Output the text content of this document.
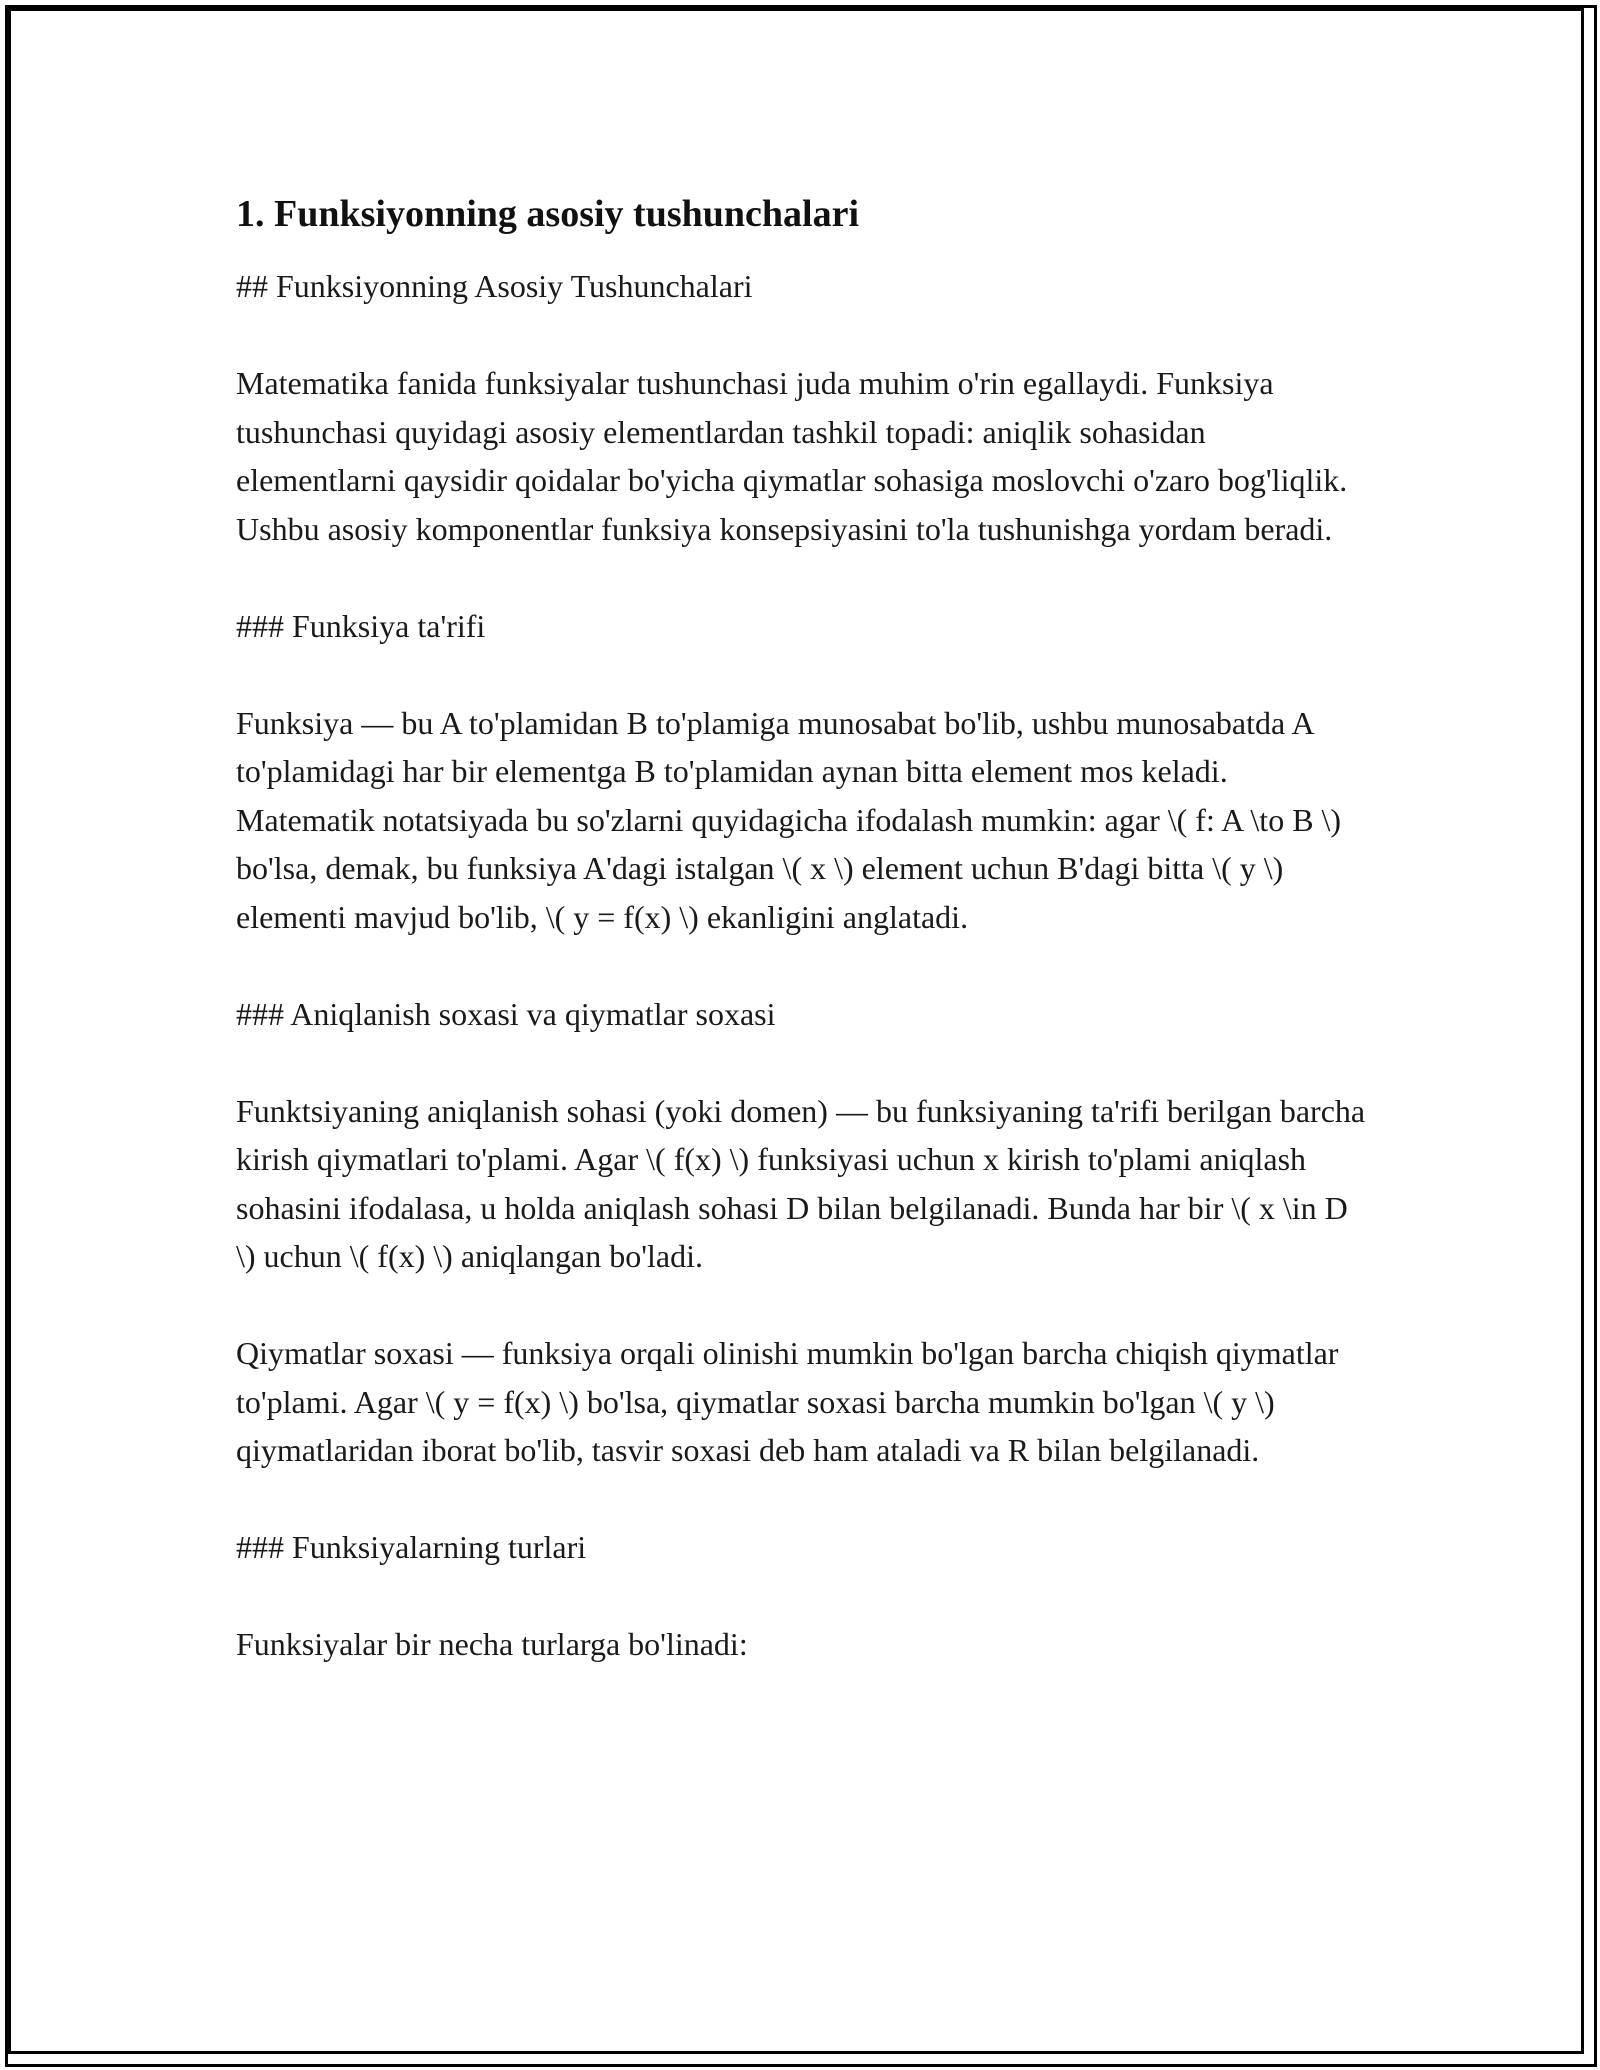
1. Funksiyonning asosiy tushunchalari

## Funksiyonning Asosiy Tushunchalari

Matematika fanida funksiyalar tushunchasi juda muhim o'rin egallaydi. Funksiya tushunchasi quyidagi asosiy elementlardan tashkil topadi: aniqlik sohasidan elementlarni qaysidir qoidalar bo'yicha qiymatlar sohasiga moslovchi o'zaro bog'liqlik. Ushbu asosiy komponentlar funksiya konsepsiyasini to'la tushunishga yordam beradi.

### Funksiya ta'rifi

Funksiya — bu A to'plamidan B to'plamiga munosabat bo'lib, ushbu munosabatda A to'plamidagi har bir elementga B to'plamidan aynan bitta element mos keladi. Matematik notatsiyada bu so'zlarni quyidagicha ifodalash mumkin: agar \( f: A \to B \) bo'lsa, demak, bu funksiya A'dagi istalgan \( x \) element uchun B'dagi bitta \( y \) elementi mavjud bo'lib, \( y = f(x) \) ekanligini anglatadi.

### Aniqlanish soxasi va qiymatlar soxasi

Funktsiyaning aniqlanish sohasi (yoki domen) — bu funksiyaning ta'rifi berilgan barcha kirish qiymatlari to'plami. Agar \( f(x) \) funksiyasi uchun x kirish to'plami aniqlash sohasini ifodalasa, u holda aniqlash sohasi D bilan belgilanadi. Bunda har bir \( x \in D \) uchun \( f(x) \) aniqlangan bo'ladi.

Qiymatlar soxasi — funksiya orqali olinishi mumkin bo'lgan barcha chiqish qiymatlar to'plami. Agar \( y = f(x) \) bo'lsa, qiymatlar soxasi barcha mumkin bo'lgan \( y \) qiymatlaridan iborat bo'lib, tasvir soxasi deb ham ataladi va R bilan belgilanadi.

### Funksiyalarning turlari

Funksiyalar bir necha turlarga bo'linadi:
